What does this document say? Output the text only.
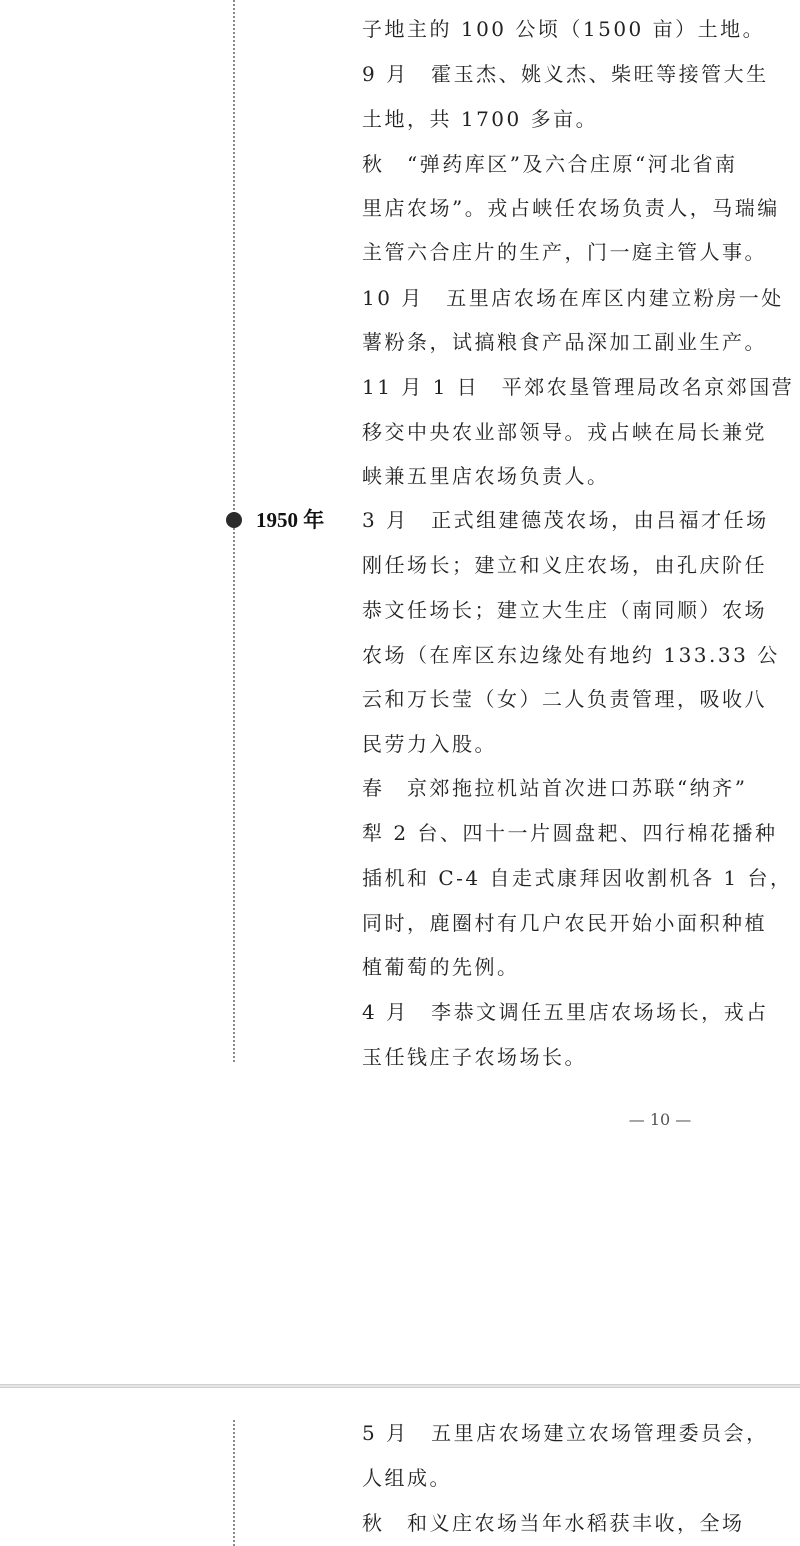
1950 年
子地主的 100 公顷（1500 亩）土地。
9 月　霍玉杰、姚义杰、柴旺等接管大生
土地，共 1700 多亩。
秋　“弹药库区”及六合庄原“河北省南
里店农场”。戎占峡任农场负责人，马瑞编
主管六合庄片的生产，门一庭主管人事。
10 月　五里店农场在库区内建立粉房一处
薯粉条，试搞粮食产品深加工副业生产。
11 月 1 日　平郊农垦管理局改名京郊国营
移交中央农业部领导。戎占峡在局长兼党
峡兼五里店农场负责人。
3 月　正式组建德茂农场，由吕福才任场
刚任场长；建立和义庄农场，由孔庆阶任
恭文任场长；建立大生庄（南同顺）农场
农场（在库区东边缘处有地约 133.33 公
云和万长莹（女）二人负责管理，吸收八
民劳力入股。
春　京郊拖拉机站首次进口苏联“纳齐”
犁 2 台、四十一片圆盘耙、四行棉花播种
插机和 C-4 自走式康拜因收割机各 1 台，
同时，鹿圈村有几户农民开始小面积种植
植葡萄的先例。
4 月　李恭文调任五里店农场场长，戎占
玉任钱庄子农场场长。
— 10 —
5 月　五里店农场建立农场管理委员会，
人组成。
秋　和义庄农场当年水稻获丰收，全场
